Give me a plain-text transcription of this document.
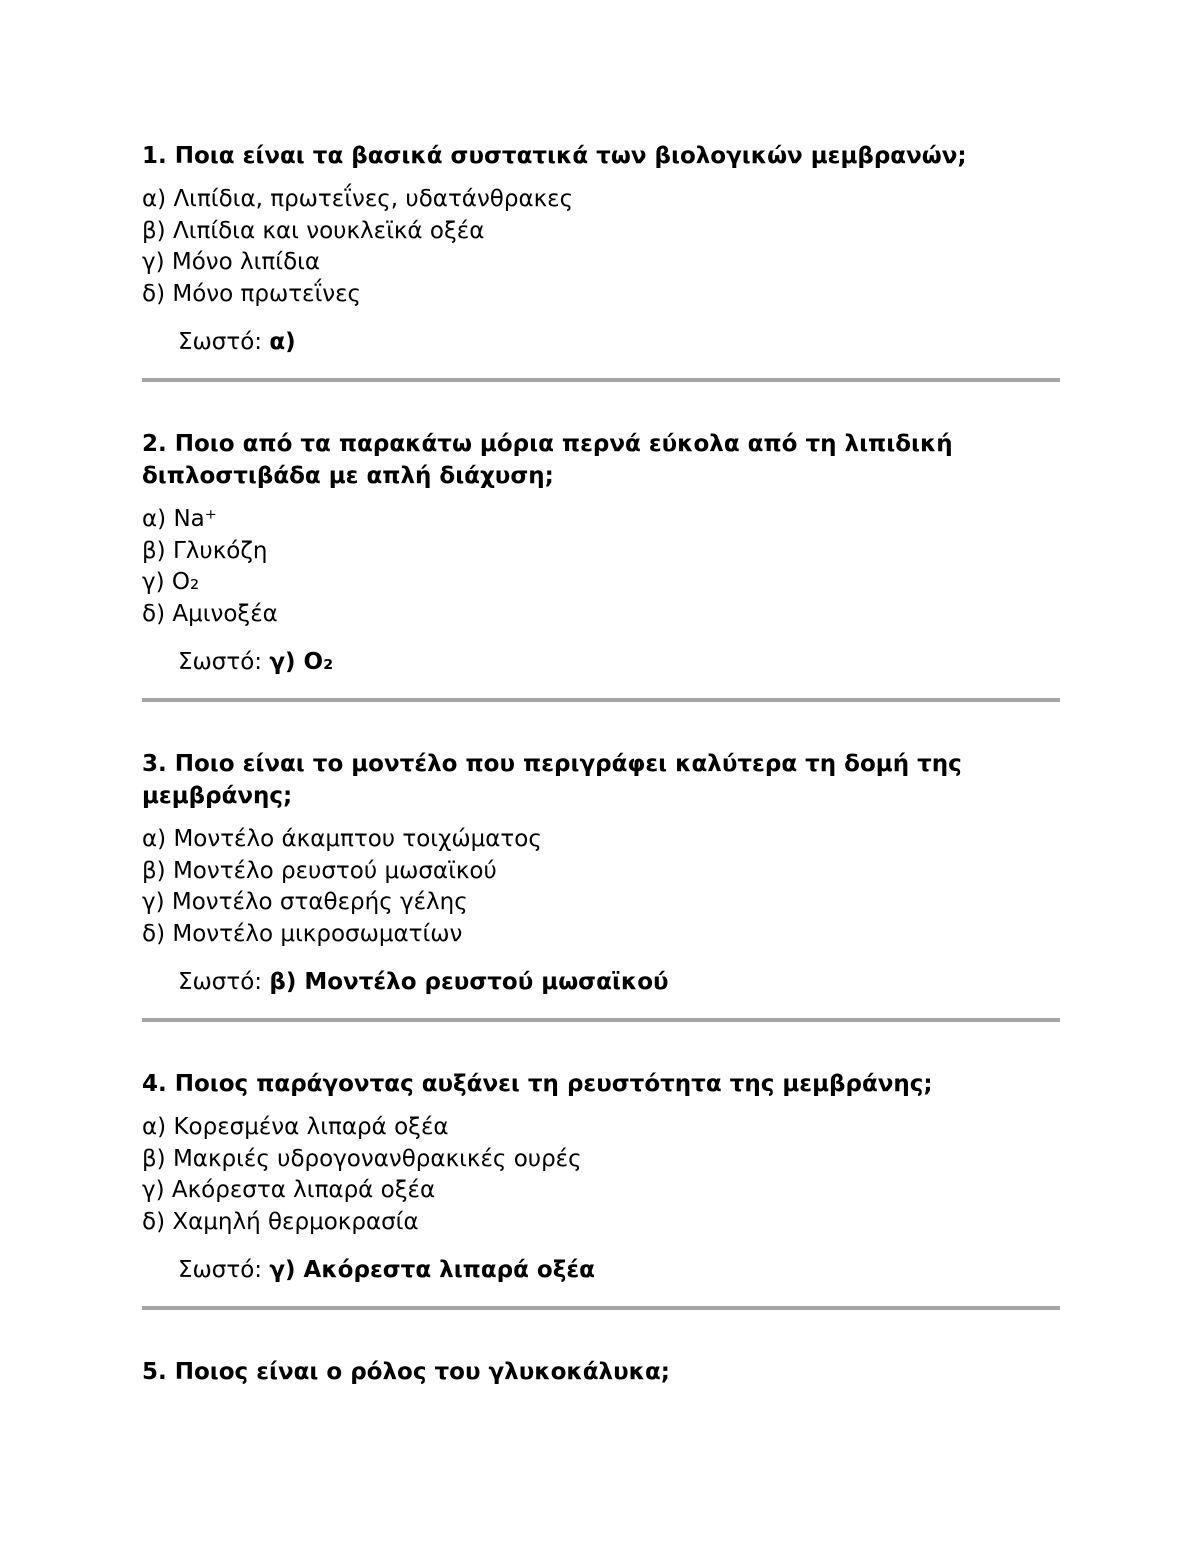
1. Ποια είναι τα βασικά συστατικά των βιολογικών μεμβρανών;

α) Λιπίδια, πρωτεΐνες, υδατάνθρακες
β) Λιπίδια και νουκλεϊκά οξέα
γ) Μόνο λιπίδια
δ) Μόνο πρωτεΐνες

Σωστό: α)

2. Ποιο από τα παρακάτω μόρια περνά εύκολα από τη λιπιδική διπλοστιβάδα με απλή διάχυση;

α) Na⁺
β) Γλυκόζη
γ) O₂
δ) Αμινοξέα

Σωστό: γ) O₂

3. Ποιο είναι το μοντέλο που περιγράφει καλύτερα τη δομή της μεμβράνης;

α) Μοντέλο άκαμπτου τοιχώματος
β) Μοντέλο ρευστού μωσαϊκού
γ) Μοντέλο σταθερής γέλης
δ) Μοντέλο μικροσωματίων

Σωστό: β) Μοντέλο ρευστού μωσαϊκού

4. Ποιος παράγοντας αυξάνει τη ρευστότητα της μεμβράνης;

α) Κορεσμένα λιπαρά οξέα
β) Μακριές υδρογονανθρακικές ουρές
γ) Ακόρεστα λιπαρά οξέα
δ) Χαμηλή θερμοκρασία

Σωστό: γ) Ακόρεστα λιπαρά οξέα

5. Ποιος είναι ο ρόλος του γλυκοκάλυκα;
